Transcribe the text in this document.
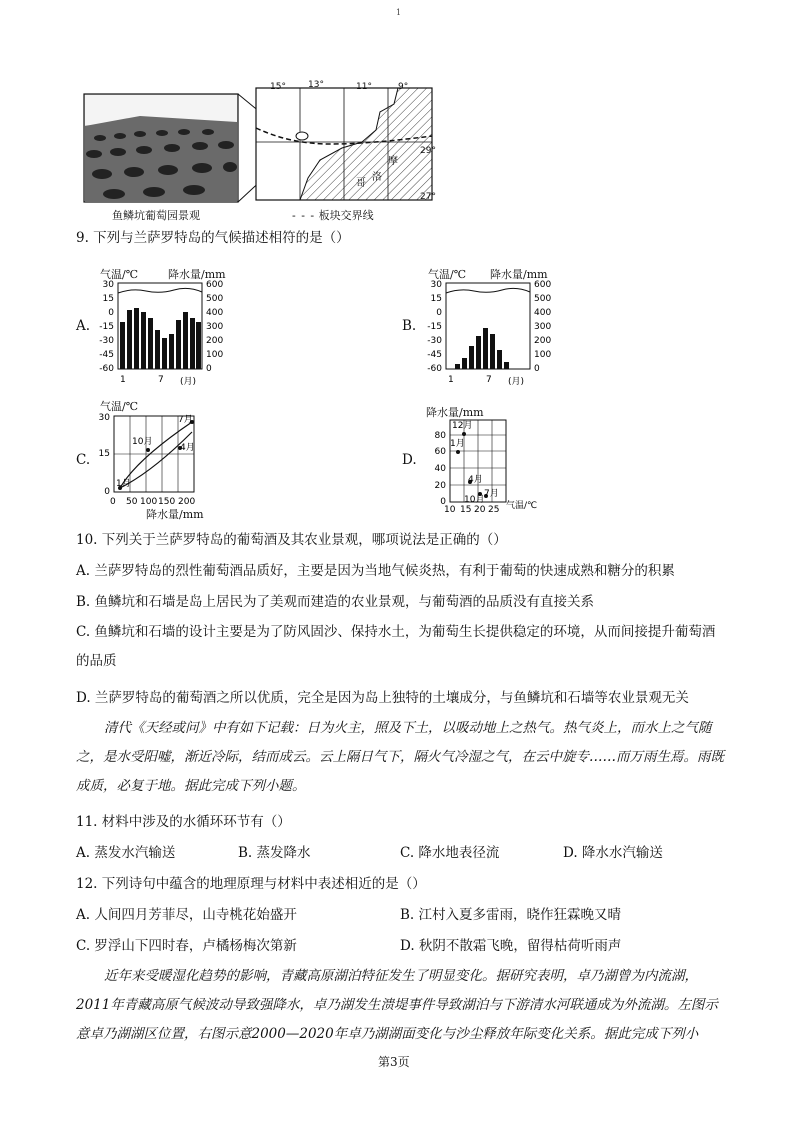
1
15° 13°	11°	9°
29°
27°
摩
洛
哥
鱼鳞坑葡萄园景观	- - - 板块交界线
9. 下列与兰萨罗特岛的气候描述相符的是（）
A.
气温/℃	降水量/mm
30
15
0
-15
-30
-45
-60
600
500
400
300
200
100
0
1	7 (月)
B.
气温/℃ 降水量/mm
30
15
0
-15
-30
-45
-60
600
500
400
300
200
100
0
1	7 (月)
C.
气温/℃
30
15
0
1月
10月
4月
7月
0 50 100 150 200
降水量/mm
D.
降水量/mm
80
60
40
20
0
12月
1月
4月
10月
7月
10 15 20 25 气温/℃
10. 下列关于兰萨罗特岛的葡萄酒及其农业景观，哪项说法是正确的（）
A. 兰萨罗特岛的烈性葡萄酒品质好，主要是因为当地气候炎热，有利于葡萄的快速成熟和糖分的积累
B. 鱼鳞坑和石墙是岛上居民为了美观而建造的农业景观，与葡萄酒的品质没有直接关系
C. 鱼鳞坑和石墙的设计主要是为了防风固沙、保持水土，为葡萄生长提供稳定的环境，从而间接提升葡萄酒的品质
D. 兰萨罗特岛的葡萄酒之所以优质，完全是因为岛上独特的土壤成分，与鱼鳞坑和石墙等农业景观无关
清代《天经或问》中有如下记载：日为火主，照及下土，以吸动地上之热气。热气炎上，而水上之气随之，是水受阳嘘，渐近冷际，结而成云。云上隔日气下，隔火气冷湿之气，在云中旋专……而万雨生焉。雨既成质，必复于地。据此完成下列小题。
11. 材料中涉及的水循环环节有（）
A. 蒸发水汽输送	B. 蒸发降水	C. 降水地表径流	D. 降水水汽输送
12. 下列诗句中蕴含的地理原理与材料中表述相近的是（）
A. 人间四月芳菲尽，山寺桃花始盛开	B. 江村入夏多雷雨，晓作狂霖晚又晴
C. 罗浮山下四时春，卢橘杨梅次第新	D. 秋阴不散霜飞晚，留得枯荷听雨声
近年来受暖湿化趋势的影响，青藏高原湖泊特征发生了明显变化。据研究表明，卓乃湖曾为内流湖，2011年青藏高原气候波动导致强降水，卓乃湖发生溃堤事件导致湖泊与下游清水河联通成为外流湖。左图示意卓乃湖湖区位置，右图示意2000—2020年卓乃湖湖面变化与沙尘释放年际变化关系。据此完成下列小
第3页
